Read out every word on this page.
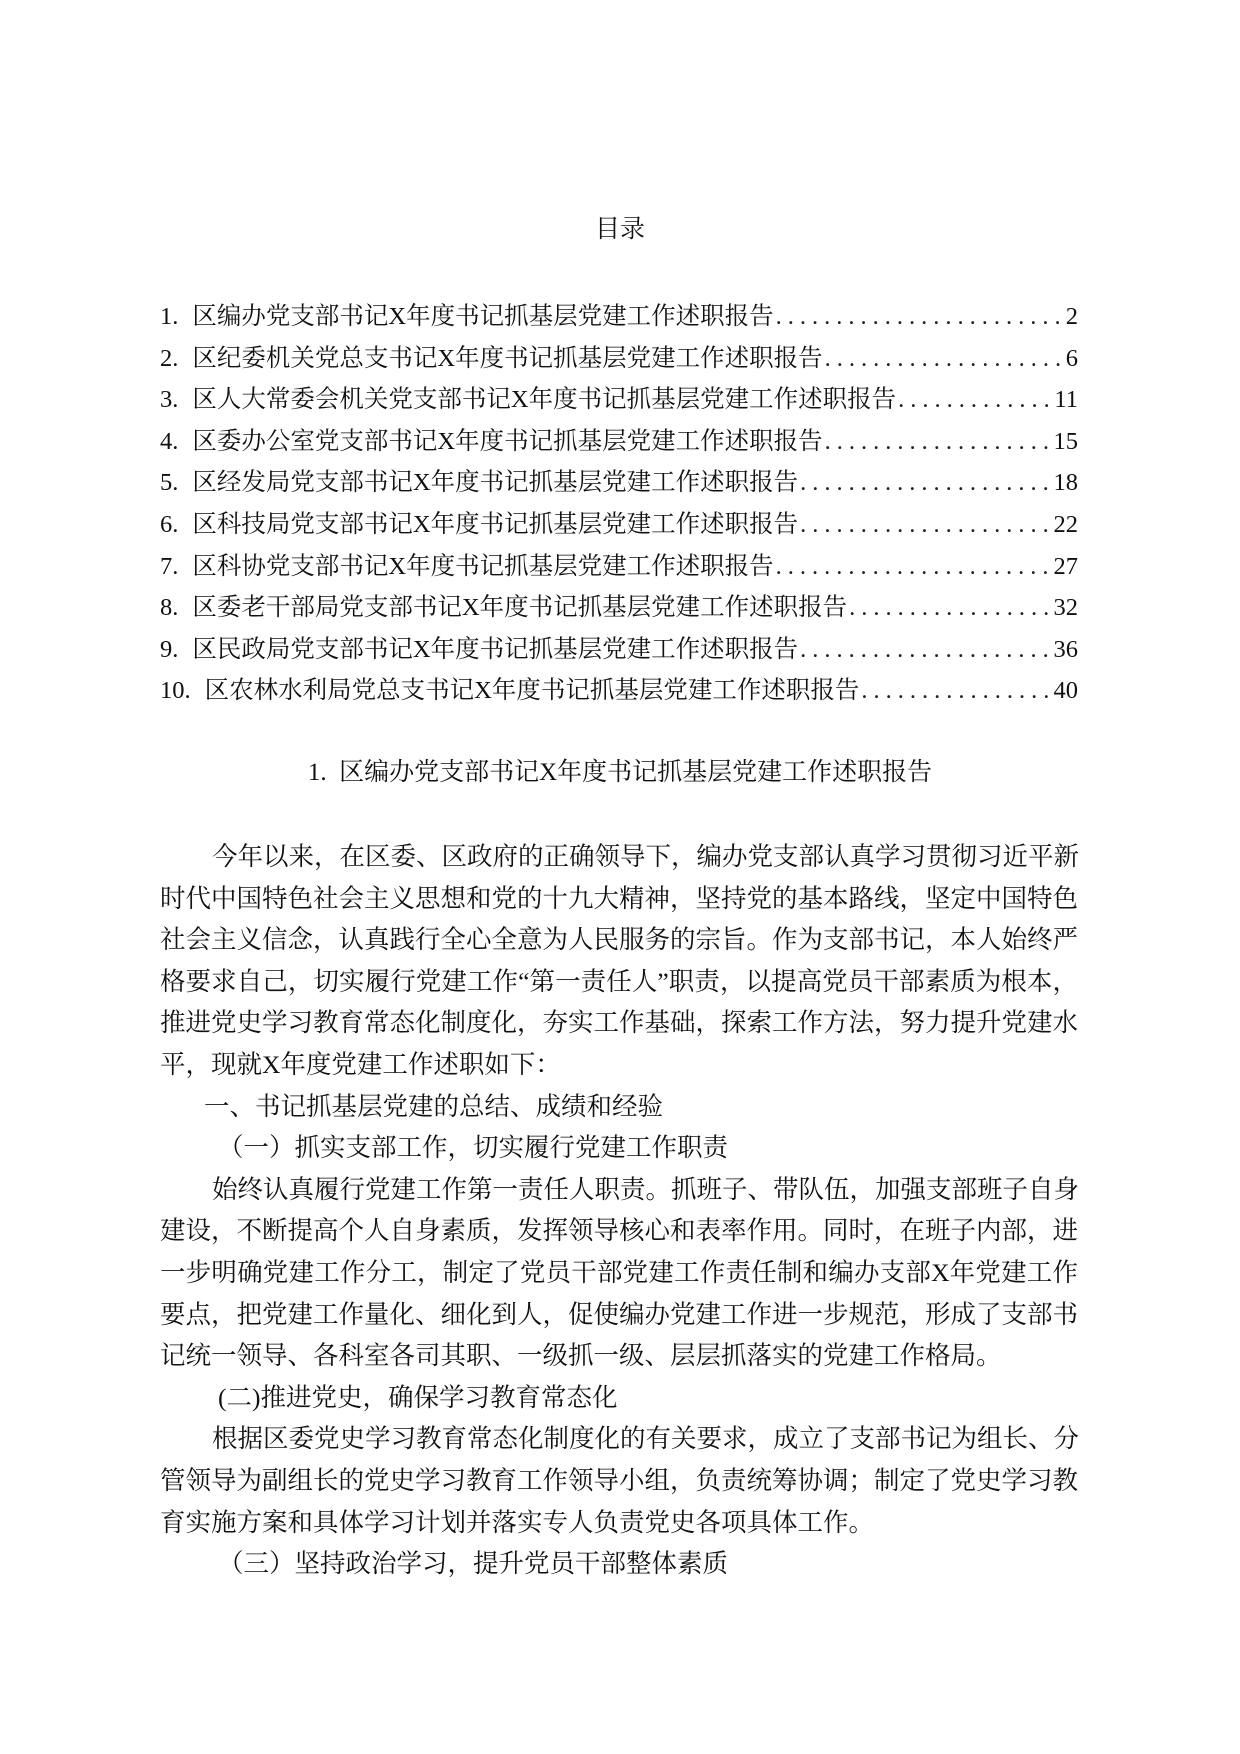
目录
1. 区编办党支部书记X年度书记抓基层党建工作述职报告 .....	2
2. 区纪委机关党总支书记X年度书记抓基层党建工作述职报告 .....	6
3. 区人大常委会机关党支部书记X年度书记抓基层党建工作述职报告 .....	11
4. 区委办公室党支部书记X年度书记抓基层党建工作述职报告 .....	15
5. 区经发局党支部书记X年度书记抓基层党建工作述职报告 .....	18
6. 区科技局党支部书记X年度书记抓基层党建工作述职报告 .....	22
7. 区科协党支部书记X年度书记抓基层党建工作述职报告 .....	27
8. 区委老干部局党支部书记X年度书记抓基层党建工作述职报告 .....	32
9. 区民政局党支部书记X年度书记抓基层党建工作述职报告 .....	36
10. 区农林水利局党总支书记X年度书记抓基层党建工作述职报告 .....	40
1.  区编办党支部书记X年度书记抓基层党建工作述职报告
今年以来，在区委、区政府的正确领导下，编办党支部认真学习贯彻习近平新
时代中国特色社会主义思想和党的十九大精神，坚持党的基本路线，坚定中国特色
社会主义信念，认真践行全心全意为人民服务的宗旨。作为支部书记，本人始终严
格要求自己，切实履行党建工作“第一责任人”职责，以提高党员干部素质为根本，
推进党史学习教育常态化制度化，夯实工作基础，探索工作方法，努力提升党建水
平，现就X年度党建工作述职如下：
一、书记抓基层党建的总结、成绩和经验
（一）抓实支部工作，切实履行党建工作职责
始终认真履行党建工作第一责任人职责。抓班子、带队伍，加强支部班子自身
建设，不断提高个人自身素质，发挥领导核心和表率作用。同时，在班子内部，进
一步明确党建工作分工，制定了党员干部党建工作责任制和编办支部X年党建工作
要点，把党建工作量化、细化到人，促使编办党建工作进一步规范，形成了支部书
记统一领导、各科室各司其职、一级抓一级、层层抓落实的党建工作格局。
(二)推进党史，确保学习教育常态化
根据区委党史学习教育常态化制度化的有关要求，成立了支部书记为组长、分
管领导为副组长的党史学习教育工作领导小组，负责统筹协调；制定了党史学习教
育实施方案和具体学习计划并落实专人负责党史各项具体工作。
（三）坚持政治学习，提升党员干部整体素质
